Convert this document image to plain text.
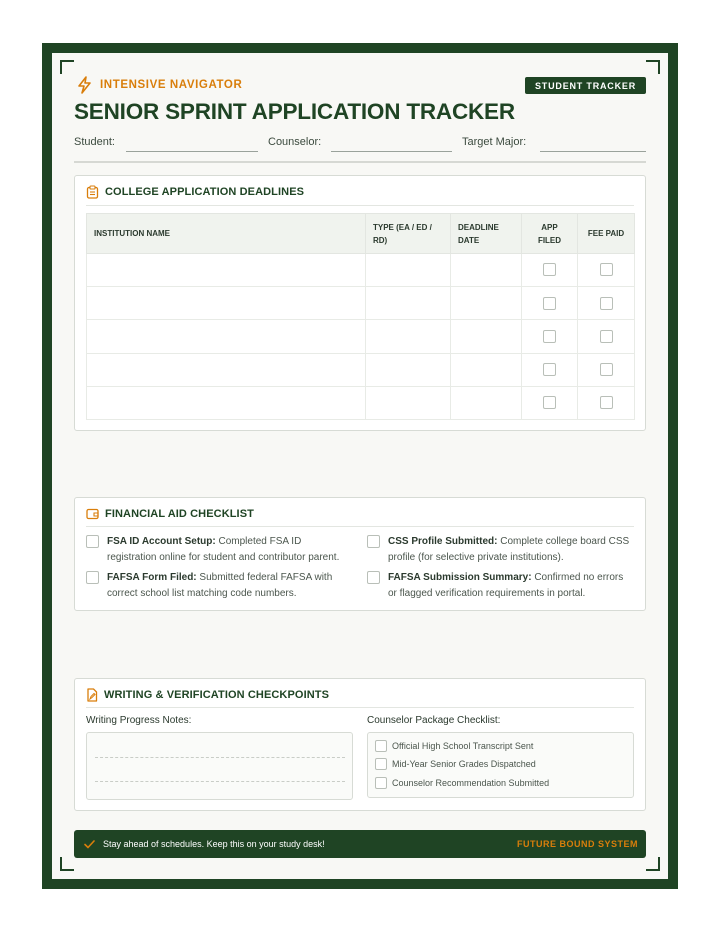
INTENSIVE NAVIGATOR	STUDENT TRACKER
SENIOR SPRINT APPLICATION TRACKER
Student:	Counselor:	Target Major:
COLLEGE APPLICATION DEADLINES
INSTITUTION NAME	TYPE (EA / ED / RD)	DEADLINE DATE	APP FILED	FEE PAID

FINANCIAL AID CHECKLIST
FSA ID Account Setup: Completed FSA ID registration online for student and contributor parent.
CSS Profile Submitted: Complete college board CSS profile (for selective private institutions).
FAFSA Form Filed: Submitted federal FAFSA with correct school list matching code numbers.
FAFSA Submission Summary: Confirmed no errors or flagged verification requirements in portal.
WRITING & VERIFICATION CHECKPOINTS
Writing Progress Notes:	Counselor Package Checklist:
Official High School Transcript Sent
Mid-Year Senior Grades Dispatched
Counselor Recommendation Submitted
Stay ahead of schedules. Keep this on your study desk!	FUTURE BOUND SYSTEM
